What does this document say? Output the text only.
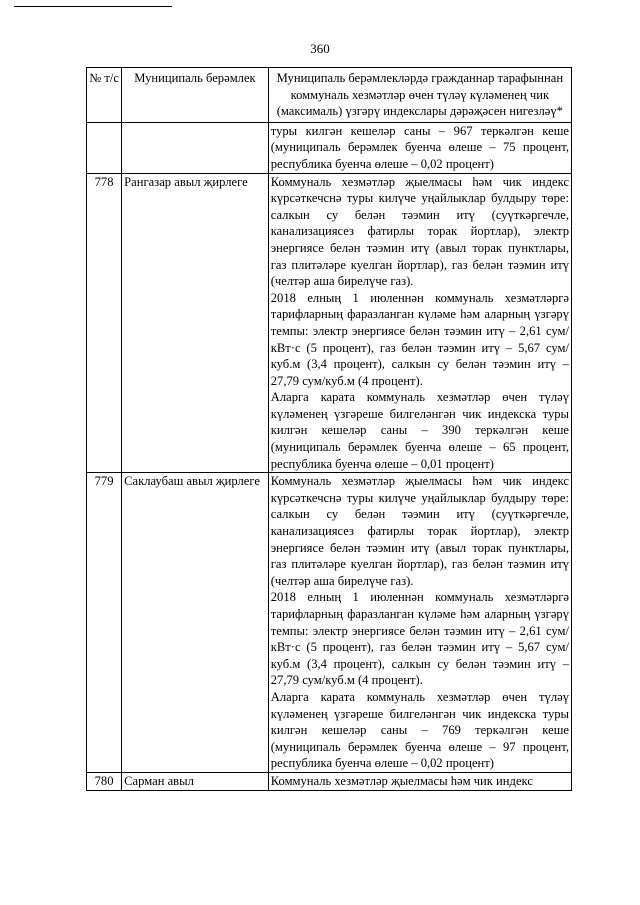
360
№ т/с	Муниципаль берәмлек	Муниципаль берәмлекләрдә гражданнар тарафыннан коммуналь хезмәтләр өчен түләү күләменең чик (максималь) үзгәрү индекслары дәрәҗәсен нигезләү*

		туры килгән кешеләр саны – 967 теркәлгән кеше (муниципаль берәмлек буенча өлеше – 75 процент, республика буенча өлеше – 0,02 процент)

778	Рангазар авыл җирлеге	Коммуналь хезмәтләр җыелмасы һәм чик индекс күрсәткечснә туры килүче уңайлыклар булдыру төре: салкын су белән тәэмин итү (суүткәргечле, канализациясез фатирлы торак йортлар), электр энергиясе белән тәэмин итү (авыл торак пунктлары, газ плитәләре куелган йортлар), газ белән тәэмин итү (челтәр аша бирелүче газ).

2018 елның 1 июленнән коммуналь хезмәтләргә тарифларның фаразланган күләме һәм аларның үзгәрү темпы: электр энергиясе белән тәэмин итү – 2,61 сум/кВт·с (5 процент), газ белән тәэмин итү – 5,67 сум/куб.м (3,4 процент), салкын су белән тәэмин итү – 27,79 сум/куб.м (4 процент).

Аларга карата коммуналь хезмәтләр өчен түләү күләменең үзгәреше билгеләнгән чик индекска туры килгән кешеләр саны – 390 теркәлгән кеше (муниципаль берәмлек буенча өлеше – 65 процент, республика буенча өлеше – 0,01 процент)

779	Саклаубаш авыл җирлеге	Коммуналь хезмәтләр җыелмасы һәм чик индекс күрсәткечснә туры килүче уңайлыклар булдыру төре: салкын су белән тәэмин итү (суүткәргечле, канализациясез фатирлы торак йортлар), электр энергиясе белән тәэмин итү (авыл торак пунктлары, газ плитәләре куелган йортлар), газ белән тәэмин итү (челтәр аша бирелүче газ).

2018 елның 1 июленнән коммуналь хезмәтләргә тарифларның фаразланган күләме һәм аларның үзгәрү темпы: электр энергиясе белән тәэмин итү – 2,61 сум/кВт·с (5 процент), газ белән тәэмин итү – 5,67 сум/куб.м (3,4 процент), салкын су белән тәэмин итү – 27,79 сум/куб.м (4 процент).

Аларга карата коммуналь хезмәтләр өчен түләү күләменең үзгәреше билгеләнгән чик индекска туры килгән кешеләр саны – 769 теркәлгән кеше (муниципаль берәмлек буенча өлеше – 97 процент, республика буенча өлеше – 0,02 процент)

780	Сарман авыл	Коммуналь хезмәтләр җыелмасы һәм чик индекс
